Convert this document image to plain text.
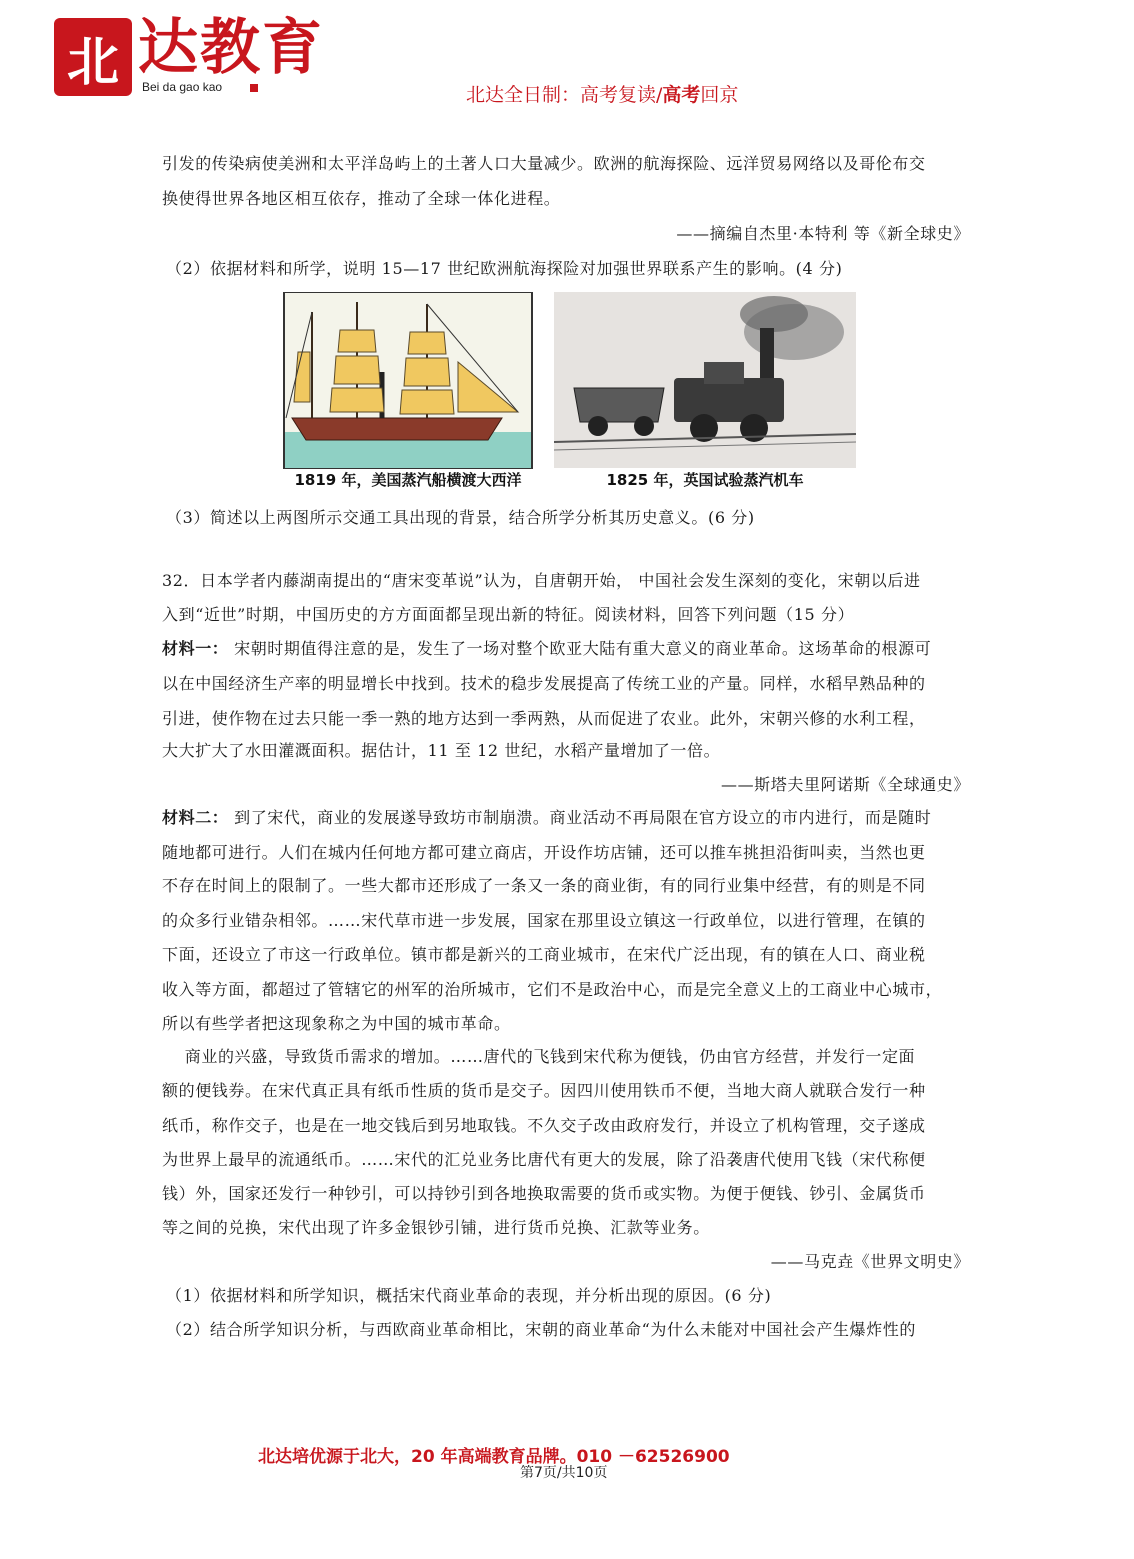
北 达教育
Bei da gao kao	北达全日制：高考复读/高考回京
引发的传染病使美洲和太平洋岛屿上的土著人口大量减少。欧洲的航海探险、远洋贸易网络以及哥伦布交
换使得世界各地区相互依存，推动了全球一体化进程。
——摘编自杰里·本特利 等《新全球史》
（2）依据材料和所学，说明 15—17 世纪欧洲航海探险对加强世界联系产生的影响。(4 分)
1819 年，美国蒸汽船横渡大西洋	1825 年，英国试验蒸汽机车
（3）简述以上两图所示交通工具出现的背景，结合所学分析其历史意义。(6 分)
32．日本学者内藤湖南提出的“唐宋变革说”认为，自唐朝开始， 中国社会发生深刻的变化，宋朝以后进
入到“近世”时期，中国历史的方方面面都呈现出新的特征。阅读材料，回答下列问题（15 分）
材料一： 宋朝时期值得注意的是，发生了一场对整个欧亚大陆有重大意义的商业革命。这场革命的根源可
以在中国经济生产率的明显增长中找到。技术的稳步发展提高了传统工业的产量。同样，水稻早熟品种的
引进，使作物在过去只能一季一熟的地方达到一季两熟，从而促进了农业。此外，宋朝兴修的水利工程，
大大扩大了水田灌溉面积。据估计，11 至 12 世纪，水稻产量增加了一倍。
——斯塔夫里阿诺斯《全球通史》
材料二： 到了宋代，商业的发展遂导致坊市制崩溃。商业活动不再局限在官方设立的市内进行，而是随时
随地都可进行。人们在城内任何地方都可建立商店，开设作坊店铺，还可以推车挑担沿街叫卖，当然也更
不存在时间上的限制了。一些大都市还形成了一条又一条的商业街，有的同行业集中经营，有的则是不同
的众多行业错杂相邻。……宋代草市进一步发展，国家在那里设立镇这一行政单位，以进行管理，在镇的
下面，还设立了市这一行政单位。镇市都是新兴的工商业城市，在宋代广泛出现，有的镇在人口、商业税
收入等方面，都超过了管辖它的州军的治所城市，它们不是政治中心，而是完全意义上的工商业中心城市，
所以有些学者把这现象称之为中国的城市革命。
商业的兴盛，导致货币需求的增加。……唐代的飞钱到宋代称为便钱，仍由官方经营，并发行一定面
额的便钱券。在宋代真正具有纸币性质的货币是交子。因四川使用铁币不便，当地大商人就联合发行一种
纸币，称作交子，也是在一地交钱后到另地取钱。不久交子改由政府发行，并设立了机构管理，交子遂成
为世界上最早的流通纸币。……宋代的汇兑业务比唐代有更大的发展，除了沿袭唐代使用飞钱（宋代称便
钱）外，国家还发行一种钞引，可以持钞引到各地换取需要的货币或实物。为便于便钱、钞引、金属货币
等之间的兑换，宋代出现了许多金银钞引铺，进行货币兑换、汇款等业务。
——马克垚《世界文明史》
（1）依据材料和所学知识，概括宋代商业革命的表现，并分析出现的原因。(6 分)
（2）结合所学知识分析，与西欧商业革命相比，宋朝的商业革命“为什么未能对中国社会产生爆炸性的
北达培优源于北大，20 年高端教育品牌。010 －62526900
第7页/共10页
